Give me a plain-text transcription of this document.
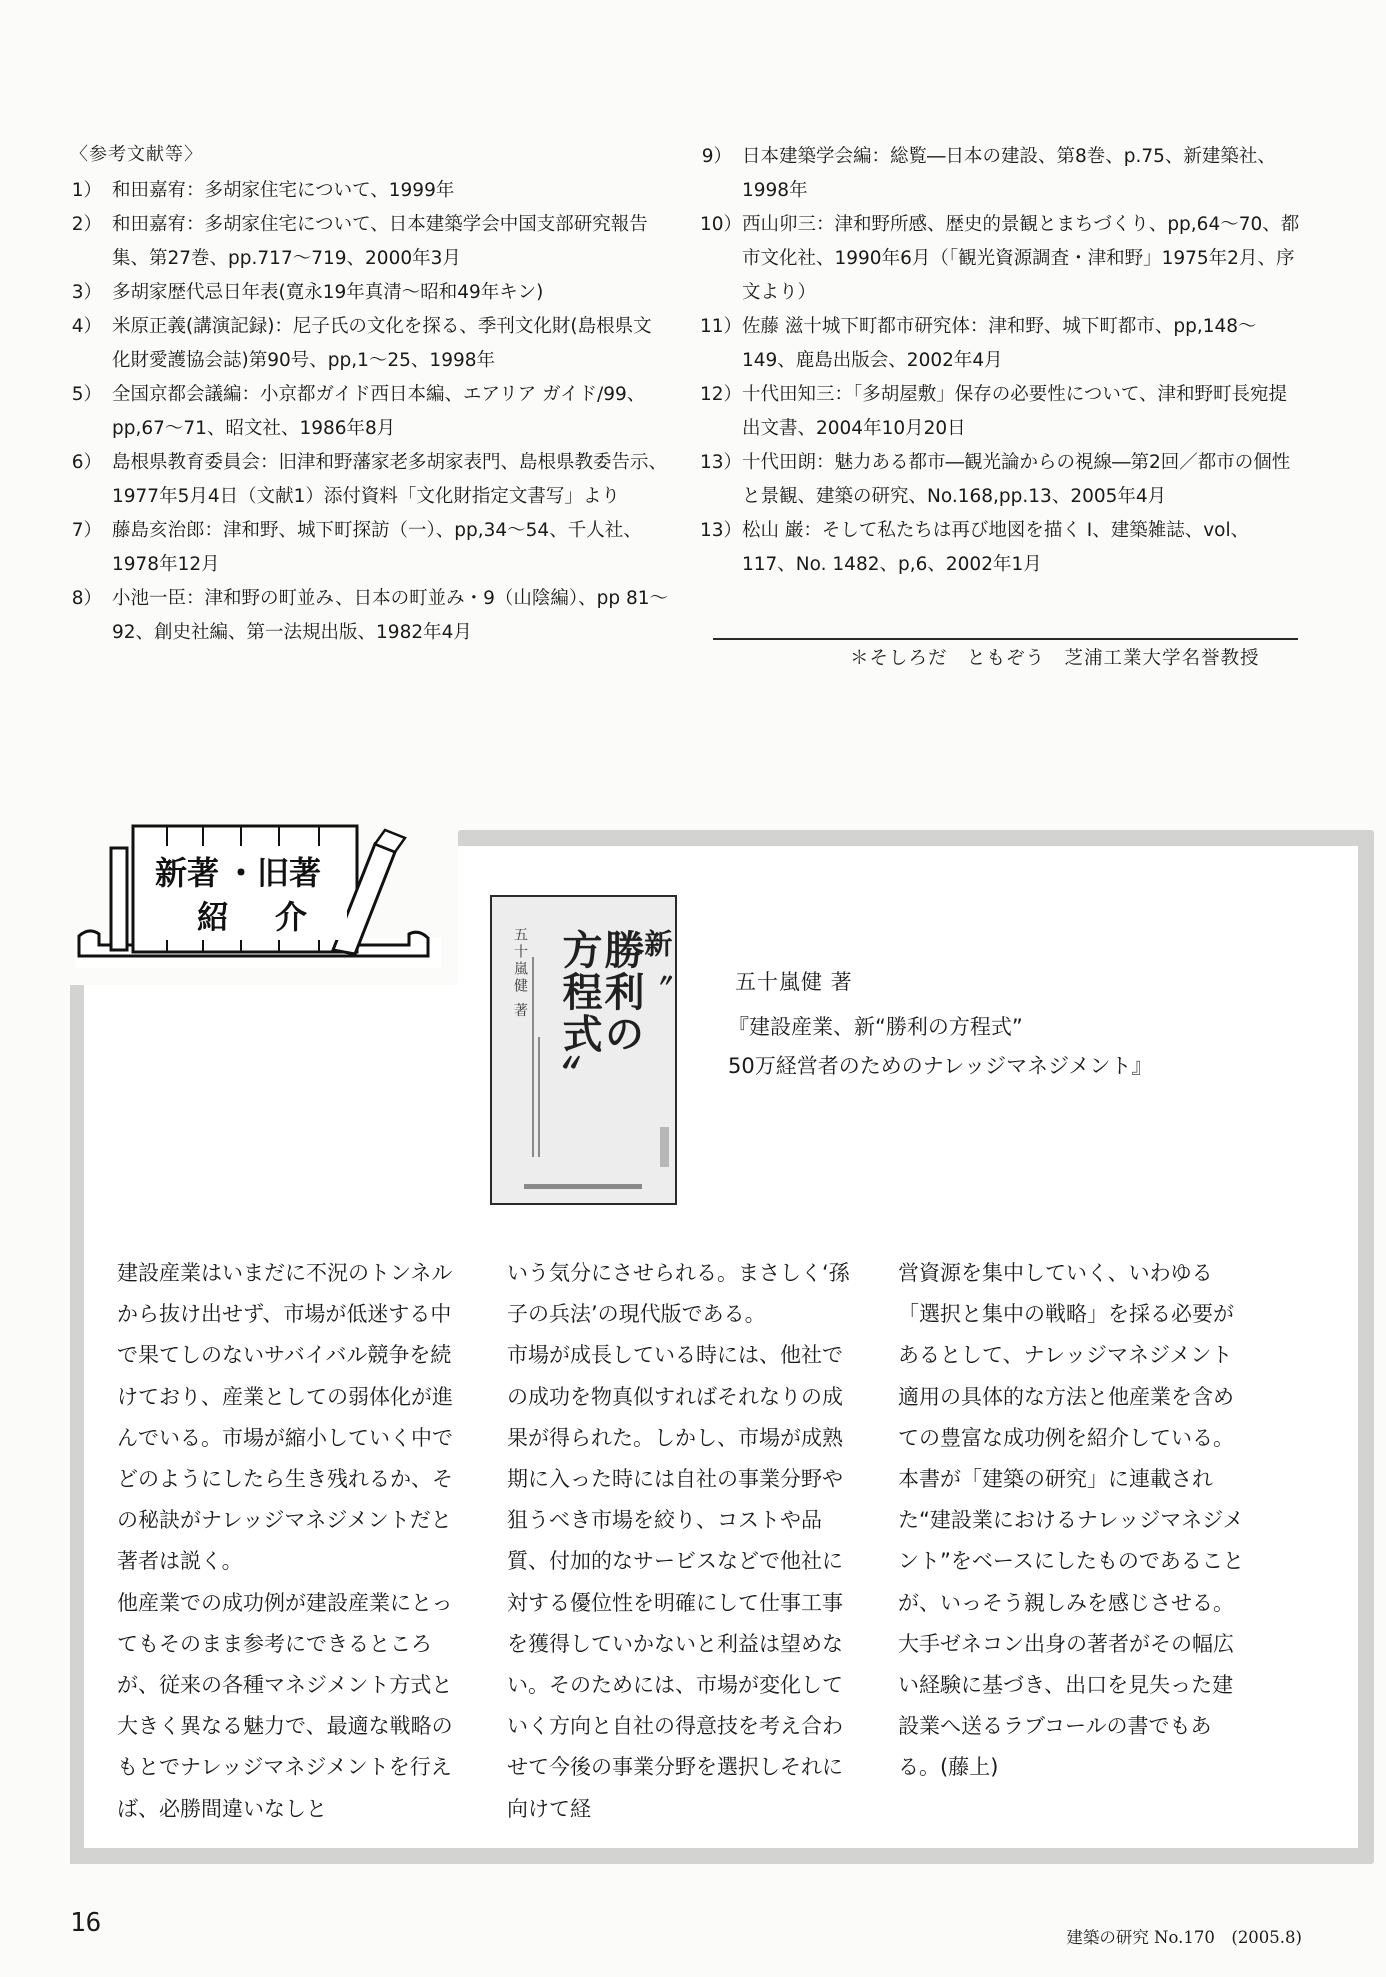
〈参考文献等〉
1） 和田嘉宥：多胡家住宅について、1999年
2） 和田嘉宥：多胡家住宅について、日本建築学会中国支部研究報告集、第27巻、pp.717～719、2000年3月
3） 多胡家歴代忌日年表(寛永19年真清～昭和49年キン)
4） 米原正義(講演記録)：尼子氏の文化を探る、季刊文化財(島根県文化財愛護協会誌)第90号、pp,1～25、1998年
5） 全国京都会議編：小京都ガイド西日本編、エアリア ガイド/99、pp,67～71、昭文社、1986年8月
6） 島根県教育委員会：旧津和野藩家老多胡家表門、島根県教委告示、1977年5月4日（文献1）添付資料「文化財指定文書写」より
7） 藤島亥治郎：津和野、城下町探訪（一）、pp,34～54、千人社、1978年12月
8） 小池一臣：津和野の町並み、日本の町並み・9（山陰編）、pp 81～92、創史社編、第一法規出版、1982年4月
9） 日本建築学会編：総覧―日本の建設、第8巻、p.75、新建築社、1998年
10） 西山卯三：津和野所感、歴史的景観とまちづくり、pp,64～70、都市文化社、1990年6月（「観光資源調査・津和野」1975年2月、序文より）
11） 佐藤 滋十城下町都市研究体：津和野、城下町都市、pp,148～149、鹿島出版会、2002年4月
12） 十代田知三：「多胡屋敷」保存の必要性について、津和野町長宛提出文書、2004年10月20日
13） 十代田朗：魅力ある都市―観光論からの視線―第2回／都市の個性と景観、建築の研究、No.168,pp.13、2005年4月
13） 松山 巌：そして私たちは再び地図を描く Ⅰ、建築雑誌、vol、117、No. 1482、p,6、2002年1月
＊そしろだ　ともぞう　芝浦工業大学名誉教授
新著 ・ 旧著
紹 介
五十嵐健 著	新〝
勝利の
方程式〟	五十嵐健 著
『建設産業、新“勝利の方程式”
50万経営者のためのナレッジマネジメント』

建設産業はいまだに不況のトンネルから抜け出せず、市場が低迷する中で果てしのないサバイバル競争を続けており、産業としての弱体化が進んでいる。市場が縮小していく中でどのようにしたら生き残れるか、その秘訣がナレッジマネジメントだと著者は説く。

他産業での成功例が建設産業にとってもそのまま参考にできるところが、従来の各種マネジメント方式と大きく異なる魅力で、最適な戦略のもとでナレッジマネジメントを行えば、必勝間違いなしと

いう気分にさせられる。まさしく‘孫子の兵法’の現代版である。

市場が成長している時には、他社での成功を物真似すればそれなりの成果が得られた。しかし、市場が成熟期に入った時には自社の事業分野や狙うべき市場を絞り、コストや品質、付加的なサービスなどで他社に対する優位性を明確にして仕事工事を獲得していかないと利益は望めない。そのためには、市場が変化していく方向と自社の得意技を考え合わせて今後の事業分野を選択しそれに向けて経

営資源を集中していく、いわゆる「選択と集中の戦略」を採る必要があるとして、ナレッジマネジメント適用の具体的な方法と他産業を含めての豊富な成功例を紹介している。

本書が「建築の研究」に連載された“建設業におけるナレッジマネジメント”をベースにしたものであることが、いっそう親しみを感じさせる。大手ゼネコン出身の著者がその幅広い経験に基づき、出口を見失った建設業へ送るラブコールの書でもある。(藤上)

16	建築の研究 No.170　(2005.8)
